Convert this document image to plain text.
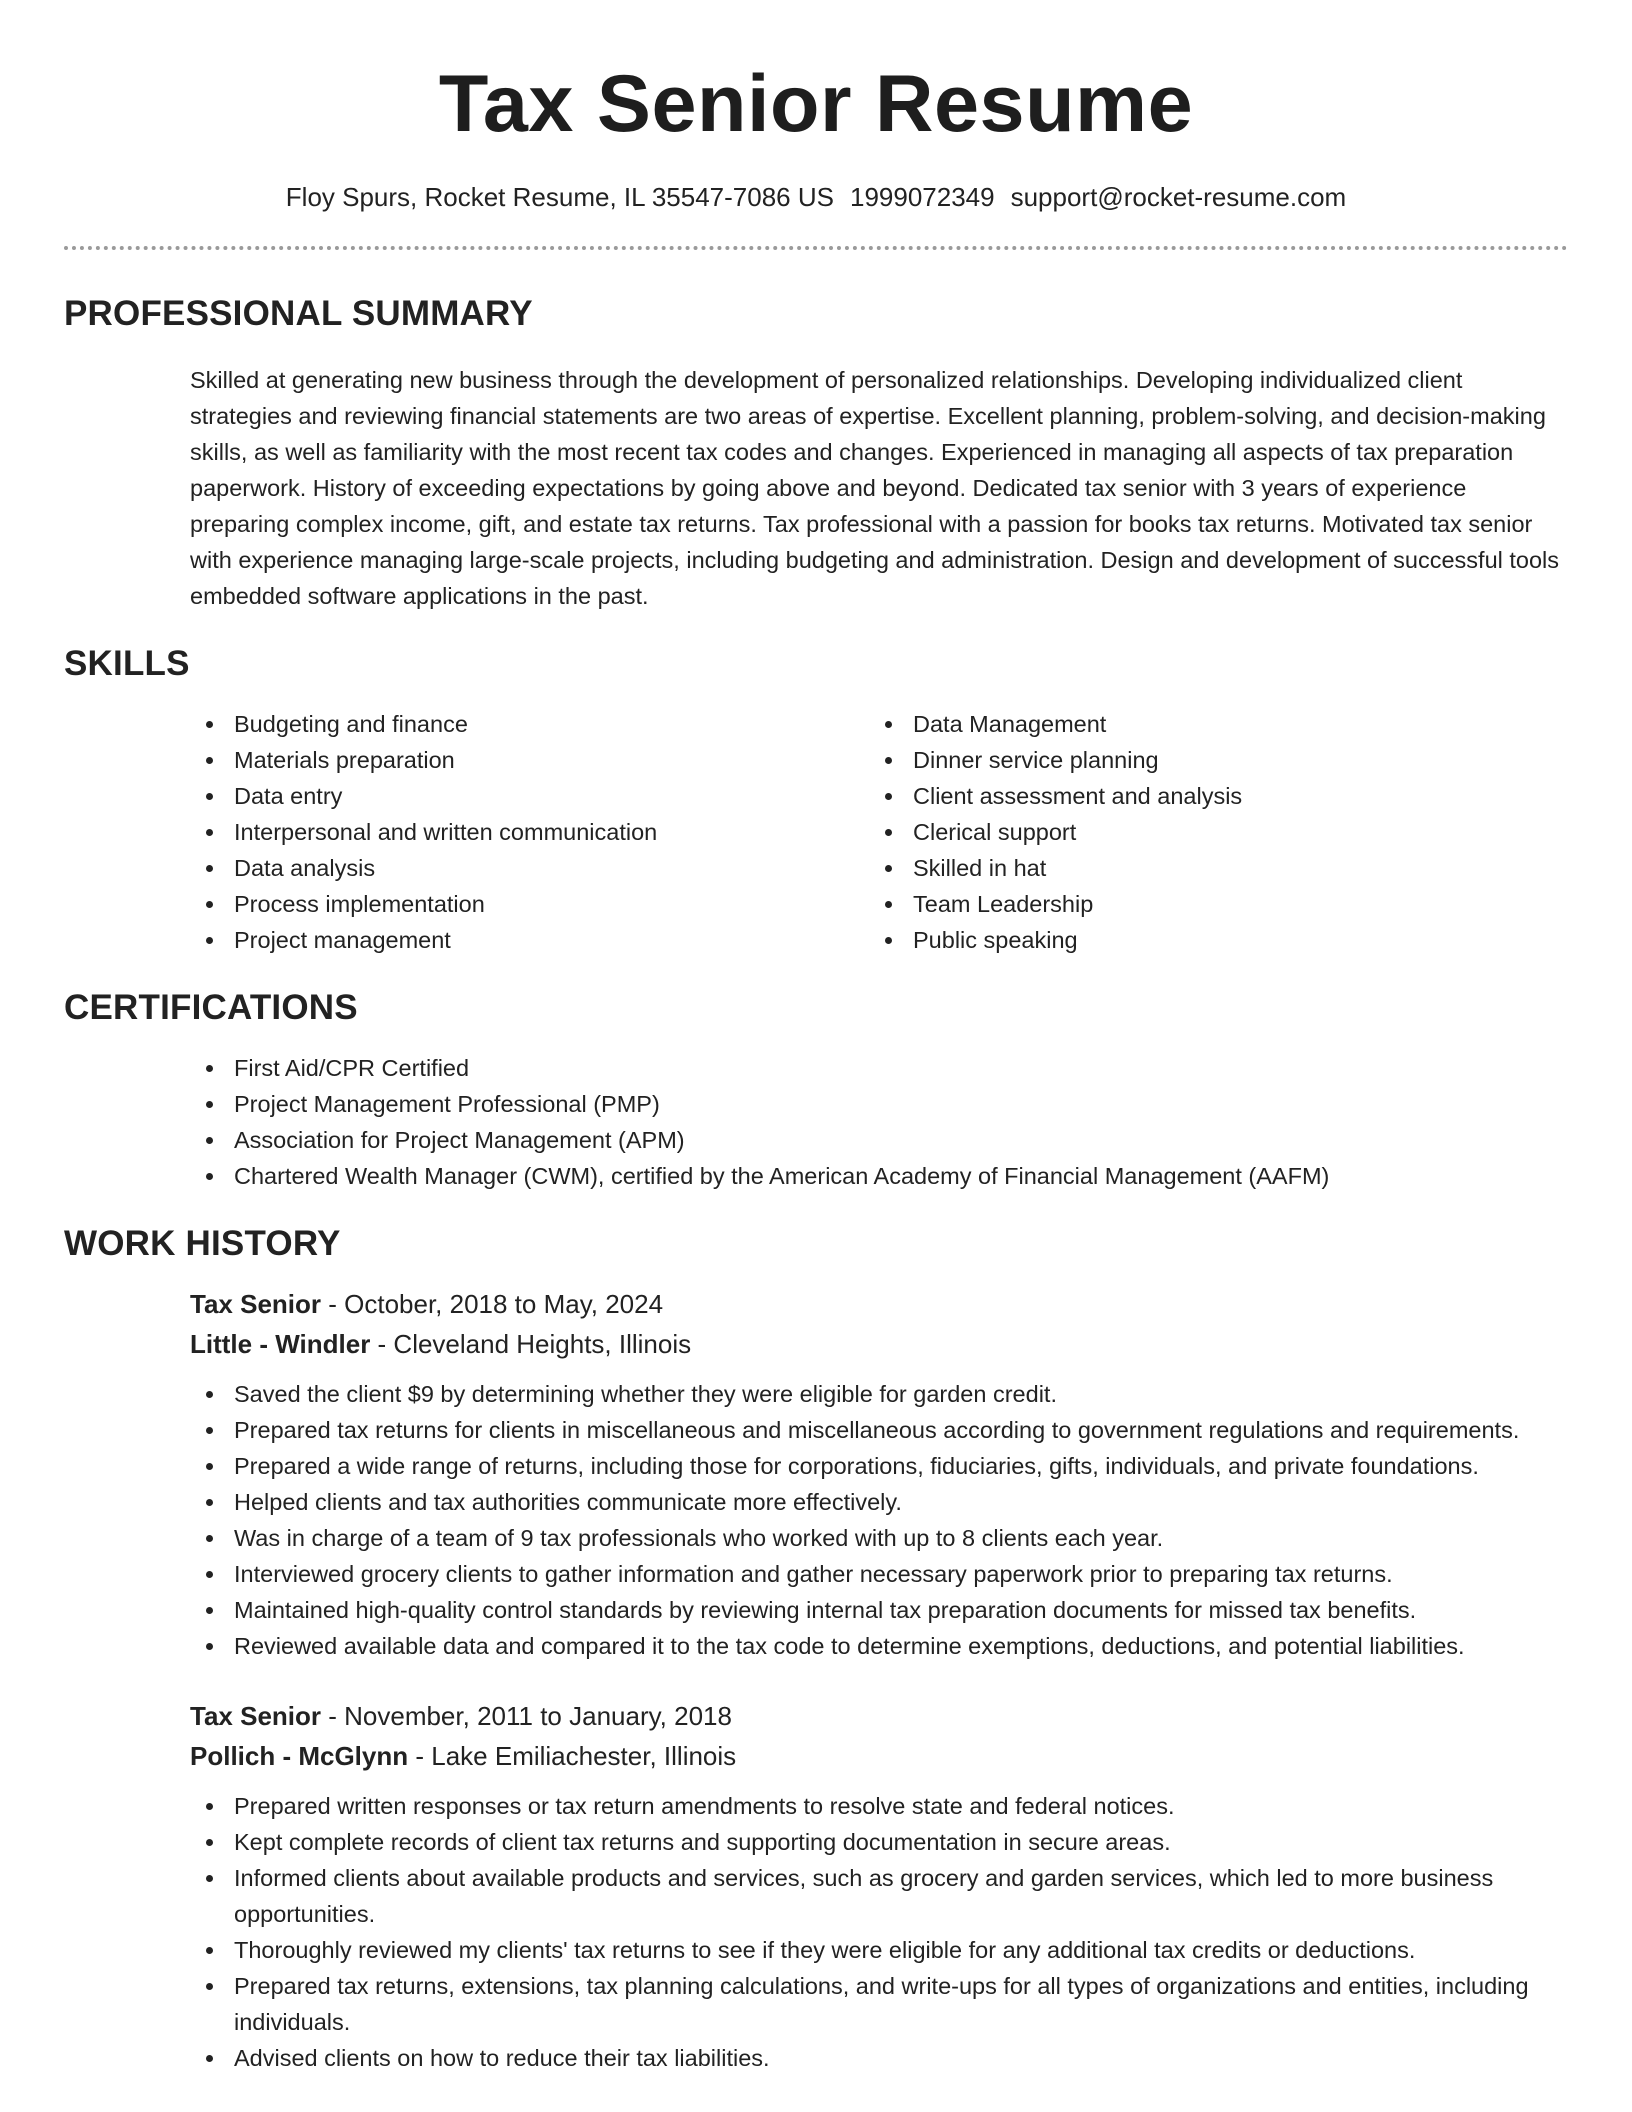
Tax Senior Resume
Floy Spurs, Rocket Resume, IL 35547-7086 US 1999072349 support@rocket-resume.com
PROFESSIONAL SUMMARY

Skilled at generating new business through the development of personalized relationships. Developing individualized client strategies and reviewing financial statements are two areas of expertise. Excellent planning, problem-solving, and decision-making skills, as well as familiarity with the most recent tax codes and changes. Experienced in managing all aspects of tax preparation paperwork. History of exceeding expectations by going above and beyond. Dedicated tax senior with 3 years of experience preparing complex income, gift, and estate tax returns. Tax professional with a passion for books tax returns. Motivated tax senior with experience managing large-scale projects, including budgeting and administration. Design and development of successful tools embedded software applications in the past.

SKILLS
Budgeting and finance
Materials preparation
Data entry
Interpersonal and written communication
Data analysis
Process implementation
Project management
Data Management
Dinner service planning
Client assessment and analysis
Clerical support
Skilled in hat
Team Leadership
Public speaking
CERTIFICATIONS
First Aid/CPR Certified
Project Management Professional (PMP)
Association for Project Management (APM)
Chartered Wealth Manager (CWM), certified by the American Academy of Financial Management (AAFM)
WORK HISTORY
Tax Senior - October, 2018 to May, 2024
Little - Windler - Cleveland Heights, Illinois
Saved the client $9 by determining whether they were eligible for garden credit.
Prepared tax returns for clients in miscellaneous and miscellaneous according to government regulations and requirements.
Prepared a wide range of returns, including those for corporations, fiduciaries, gifts, individuals, and private foundations.
Helped clients and tax authorities communicate more effectively.
Was in charge of a team of 9 tax professionals who worked with up to 8 clients each year.
Interviewed grocery clients to gather information and gather necessary paperwork prior to preparing tax returns.
Maintained high-quality control standards by reviewing internal tax preparation documents for missed tax benefits.
Reviewed available data and compared it to the tax code to determine exemptions, deductions, and potential liabilities.
Tax Senior - November, 2011 to January, 2018
Pollich - McGlynn - Lake Emiliachester, Illinois
Prepared written responses or tax return amendments to resolve state and federal notices.
Kept complete records of client tax returns and supporting documentation in secure areas.
Informed clients about available products and services, such as grocery and garden services, which led to more business opportunities.
Thoroughly reviewed my clients' tax returns to see if they were eligible for any additional tax credits or deductions.
Prepared tax returns, extensions, tax planning calculations, and write-ups for all types of organizations and entities, including individuals.
Advised clients on how to reduce their tax liabilities.
